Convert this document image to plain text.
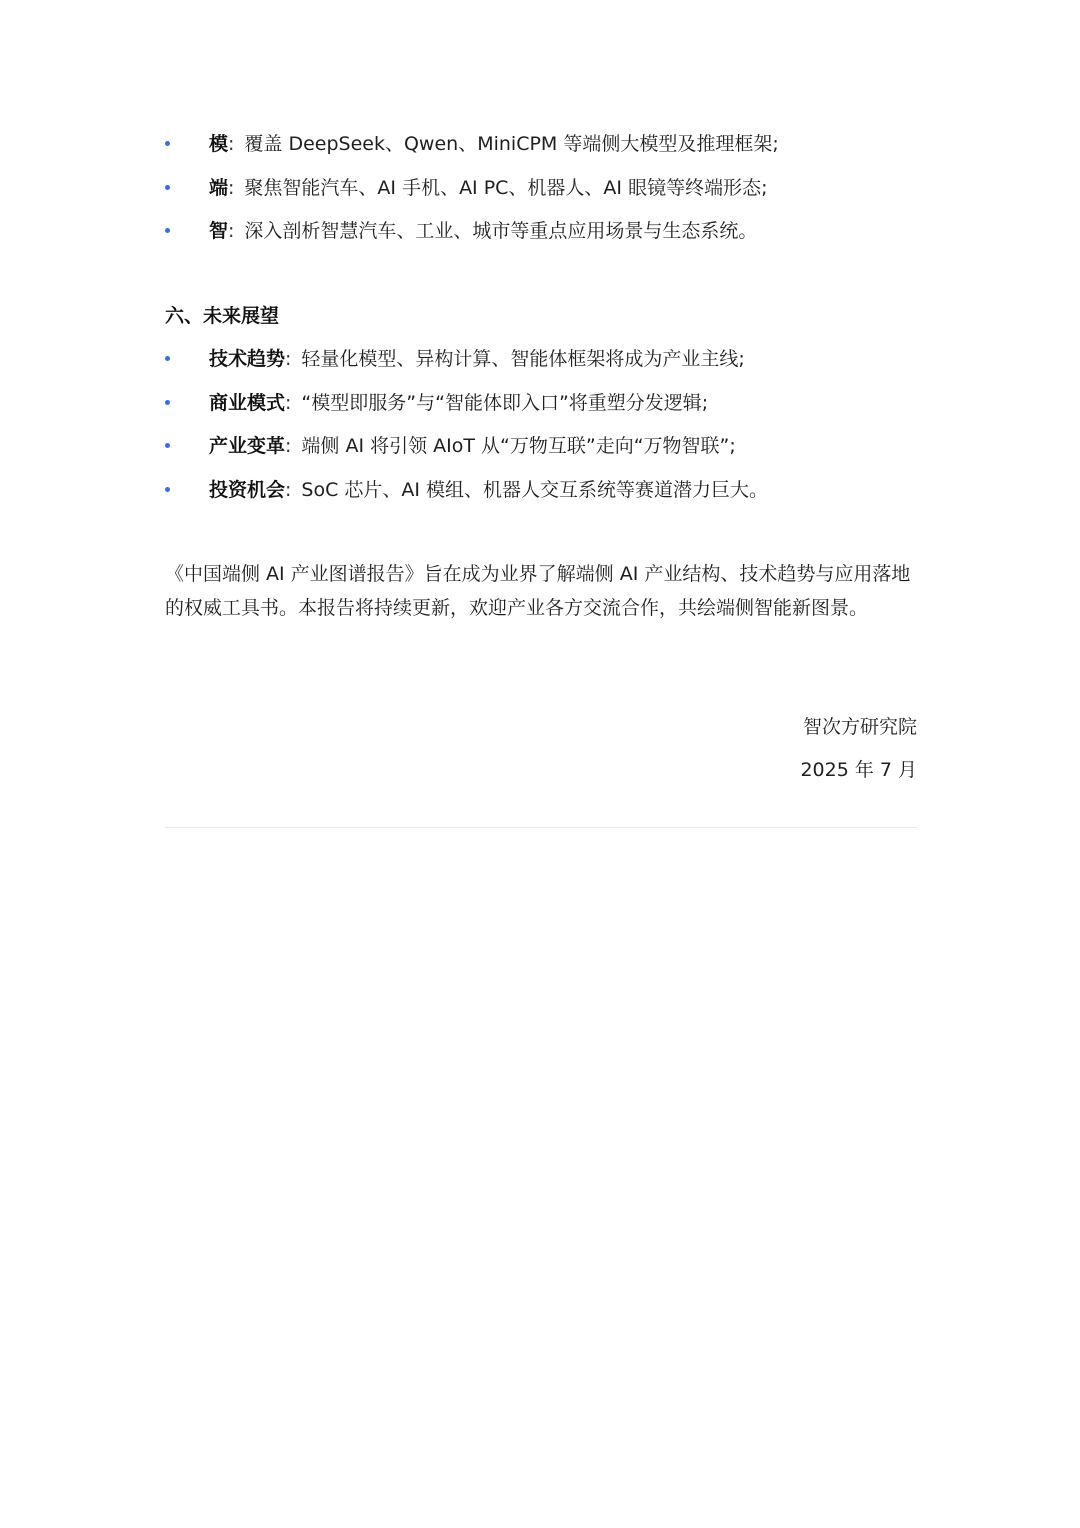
模: 覆盖 DeepSeek、Qwen、MiniCPM 等端侧大模型及推理框架;
端: 聚焦智能汽车、AI 手机、AI PC、机器人、AI 眼镜等终端形态;
智: 深入剖析智慧汽车、工业、城市等重点应用场景与生态系统。
六、未来展望
技术趋势: 轻量化模型、异构计算、智能体框架将成为产业主线;
商业模式: “模型即服务”与“智能体即入口”将重塑分发逻辑;
产业变革: 端侧 AI 将引领 AIoT 从“万物互联”走向“万物智联”;
投资机会: SoC 芯片、AI 模组、机器人交互系统等赛道潜力巨大。

《中国端侧 AI 产业图谱报告》旨在成为业界了解端侧 AI 产业结构、技术趋势与应用落地的权威工具书。本报告将持续更新，欢迎产业各方交流合作，共绘端侧智能新图景。

智次方研究院
2025 年 7 月
